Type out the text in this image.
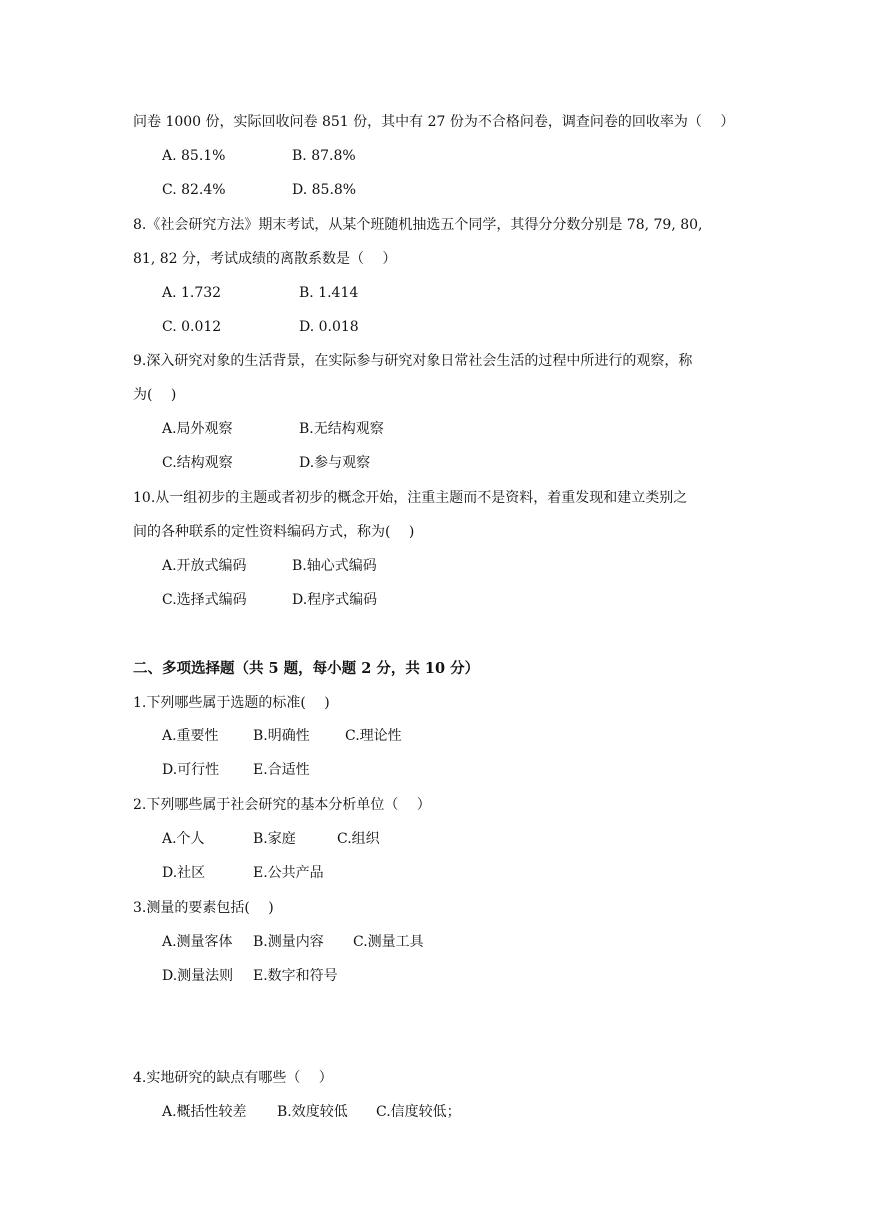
问卷 1000 份，实际回收问卷 851 份，其中有 27 份为不合格问卷，调查问卷的回收率为（　 ）
A. 85.1%	B. 87.8%
C. 82.4%	D. 85.8%
8.《社会研究方法》期末考试，从某个班随机抽选五个同学，其得分分数分别是 78, 79, 80,
81, 82 分，考试成绩的离散系数是（　 ）
A. 1.732	B. 1.414
C. 0.012	D. 0.018
9.深入研究对象的生活背景，在实际参与研究对象日常社会生活的过程中所进行的观察，称
为(　 )
A.局外观察	B.无结构观察
C.结构观察	D.参与观察
10.从一组初步的主题或者初步的概念开始，注重主题而不是资料，着重发现和建立类别之
间的各种联系的定性资料编码方式，称为(　 )
A.开放式编码	B.轴心式编码
C.选择式编码	D.程序式编码
二、多项选择题（共 5 题，每小题 2 分，共 10 分）
1.下列哪些属于选题的标准(　 )
A.重要性 B.明确性	C.理论性
D.可行性 E.合适性
2.下列哪些属于社会研究的基本分析单位（　 ）
A.个人	B.家庭	C.组织
D.社区	E.公共产品
3.测量的要素包括(　 )
A.测量客体 B.测量内容 C.测量工具
D.测量法则 E.数字和符号
4.实地研究的缺点有哪些（　 ）
A.概括性较差 B.效度较低 C.信度较低；
